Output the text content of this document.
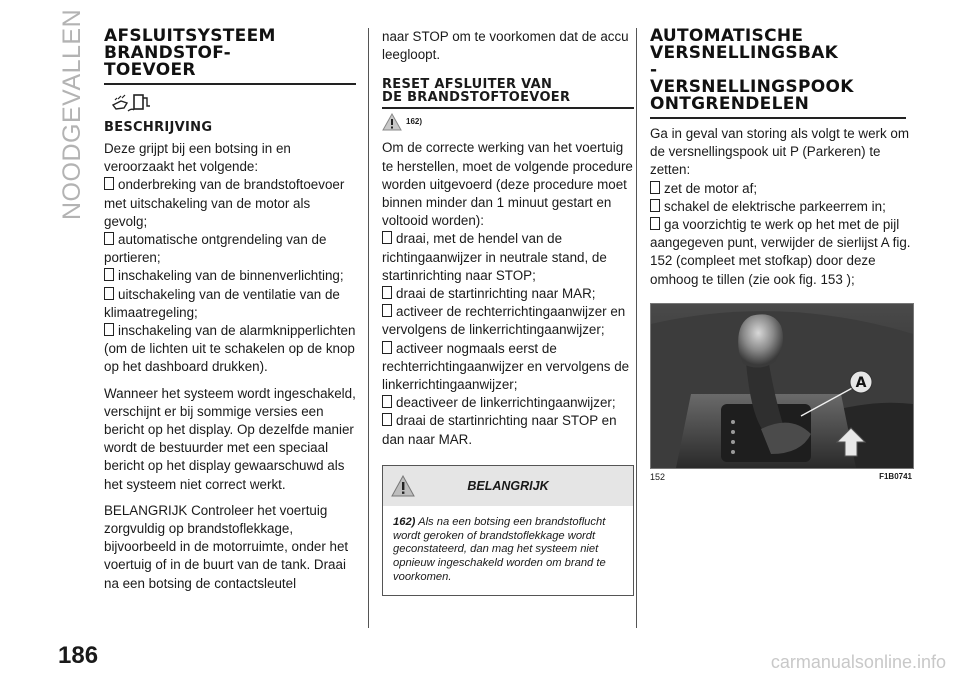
NOODGEVALLEN AFSLUITSYSTEEM
BRANDSTOF-
TOEVOER
BESCHRIJVING

Deze grijpt bij een botsing in en veroorzaakt het volgende:

onderbreking van de brandstoftoevoer met uitschakeling van de motor als gevolg;

automatische ontgrendeling van de portieren;

inschakeling van de binnenverlichting;

uitschakeling van de ventilatie van de klimaatregeling;

inschakeling van de alarmknipperlichten (om de lichten uit te schakelen op de knop op het dashboard drukken).

Wanneer het systeem wordt ingeschakeld, verschijnt er bij sommige versies een bericht op het display. Op dezelfde manier wordt de bestuurder met een speciaal bericht op het display gewaarschuwd als het systeem niet correct werkt.

BELANGRIJK Controleer het voertuig zorgvuldig op brandstoflekkage, bijvoorbeeld in de motorruimte, onder het voertuig of in de buurt van de tank. Draai na een botsing de contactsleutel

naar STOP om te voorkomen dat de accu leegloopt.

RESET AFSLUITER VAN
DE BRANDSTOFTOEVOER
162)

Om de correcte werking van het voertuig te herstellen, moet de volgende procedure worden uitgevoerd (deze procedure moet binnen minder dan 1 minuut gestart en voltooid worden):

draai, met de hendel van de richtingaanwijzer in neutrale stand, de startinrichting naar STOP;

draai de startinrichting naar MAR;

activeer de rechterrichtingaanwijzer en vervolgens de linkerrichtingaanwijzer;

activeer nogmaals eerst de rechterrichtingaanwijzer en vervolgens de linkerrichtingaanwijzer;

deactiveer de linkerrichtingaanwijzer;

draai de startinrichting naar STOP en dan naar MAR.

BELANGRIJK
162) Als na een botsing een brandstoflucht wordt geroken of brandstoflekkage wordt geconstateerd, dan mag het systeem niet opnieuw ingeschakeld worden om brand te voorkomen.
AUTOMATISCHE
VERSNELLINGSBAK
-
VERSNELLINGSPOOK
ONTGRENDELEN

Ga in geval van storing als volgt te werk om de versnellingspook uit P (Parkeren) te zetten:

zet de motor af;

schakel de elektrische parkeerrem in;

ga voorzichtig te werk op het met de pijl aangegeven punt, verwijder de sierlijst A fig. 152 (compleet met stofkap) door deze omhoog te tillen (zie ook fig. 153 );

A
152	F1B0741
186	carmanualsonline.info
